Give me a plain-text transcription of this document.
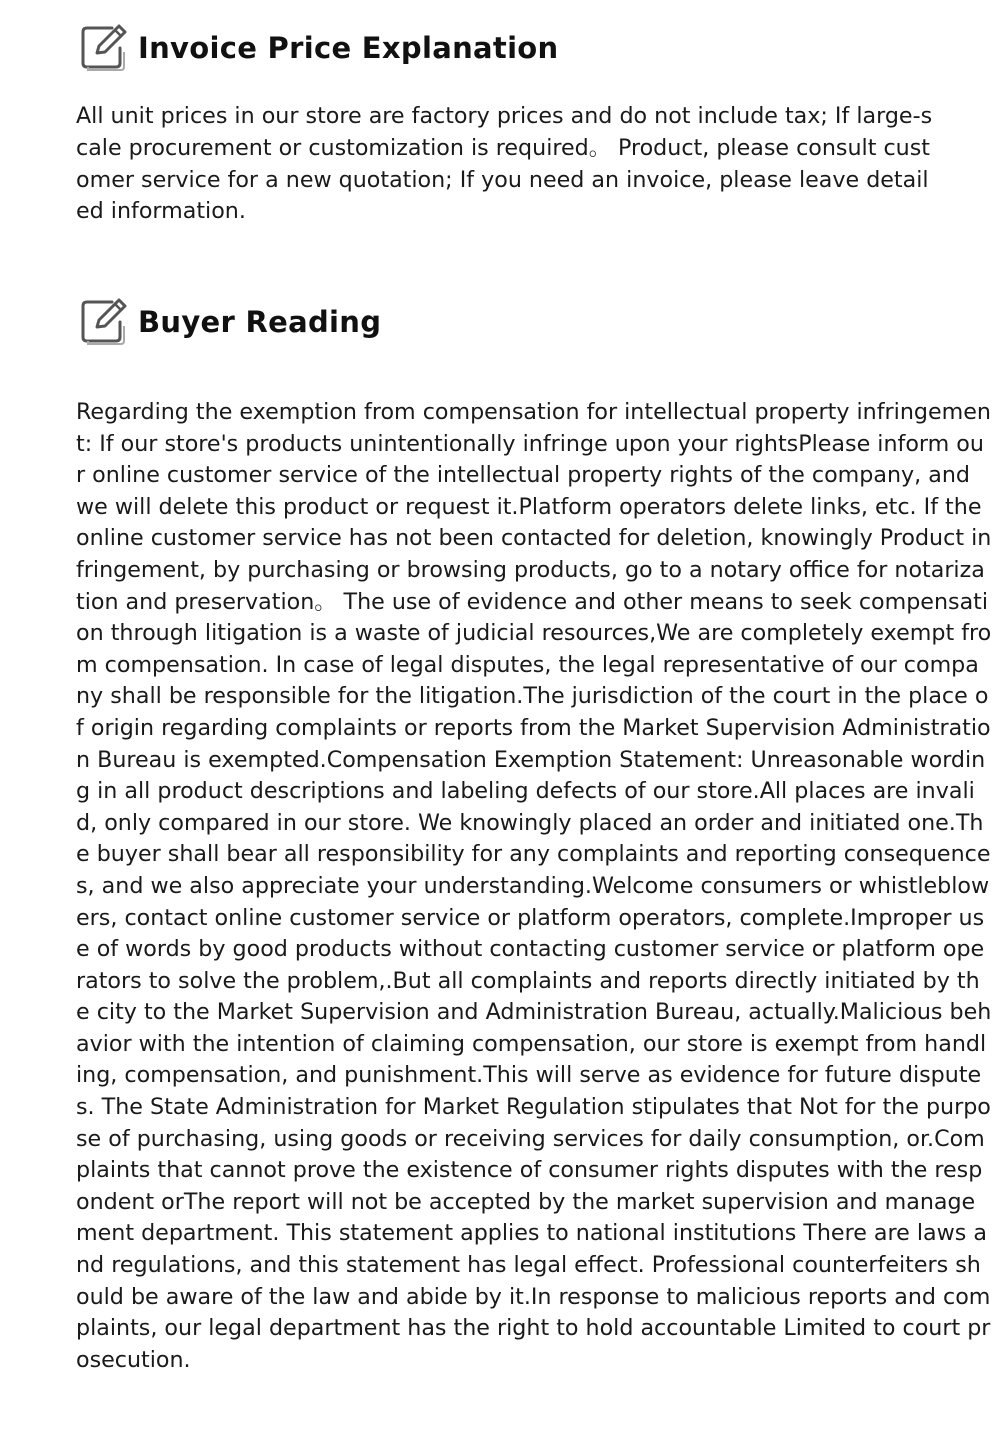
Invoice Price Explanation

All unit prices in our store are factory prices and do not include tax; If large-scale procurement or customization is required。 Product, please consult customer service for a new quotation; If you need an invoice, please leave detailed information.

Buyer Reading

Regarding the exemption from compensation for intellectual property infringement: If our store's products unintentionally infringe upon your rightsPlease inform our online customer service of the intellectual property rights of the company, and we will delete this product or request it.Platform operators delete links, etc. If the online customer service has not been contacted for deletion, knowingly Product infringement, by purchasing or browsing products, go to a notary office for notarization and preservation。 The use of evidence and other means to seek compensation through litigation is a waste of judicial resources,We are completely exempt from compensation. In case of legal disputes, the legal representative of our company shall be responsible for the litigation.The jurisdiction of the court in the place of origin regarding complaints or reports from the Market Supervision Administration Bureau is exempted.Compensation Exemption Statement: Unreasonable wording in all product descriptions and labeling defects of our store.All places are invalid, only compared in our store. We knowingly placed an order and initiated one.The buyer shall bear all responsibility for any complaints and reporting consequences, and we also appreciate your understanding.Welcome consumers or whistleblowers, contact online customer service or platform operators, complete.Improper use of words by good products without contacting customer service or platform operators to solve the problem,.But all complaints and reports directly initiated by the city to the Market Supervision and Administration Bureau, actually.Malicious behavior with the intention of claiming compensation, our store is exempt from handling, compensation, and punishment.This will serve as evidence for future disputes. The State Administration for Market Regulation stipulates that Not for the purpose of purchasing, using goods or receiving services for daily consumption, or.Complaints that cannot prove the existence of consumer rights disputes with the respondent orThe report will not be accepted by the market supervision and management department. This statement applies to national institutions There are laws and regulations, and this statement has legal effect. Professional counterfeiters should be aware of the law and abide by it.In response to malicious reports and complaints, our legal department has the right to hold accountable Limited to court prosecution.
